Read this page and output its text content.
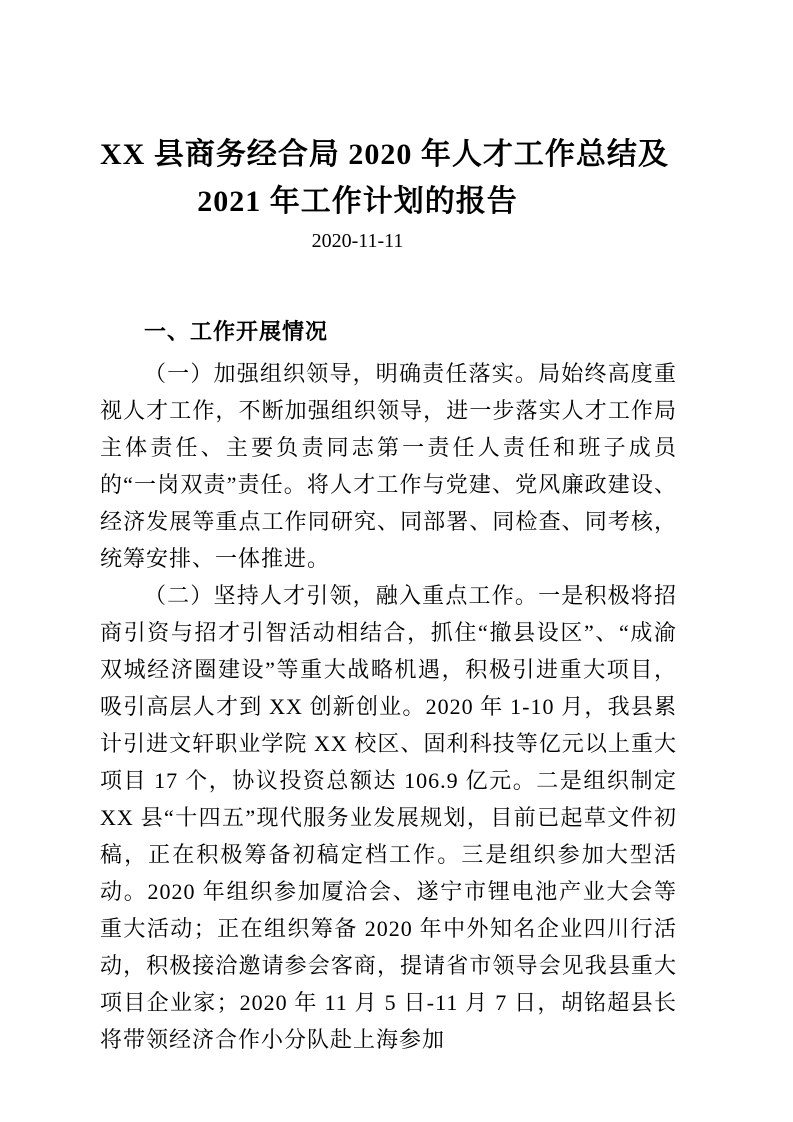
XX 县商务经合局 2020 年人才工作总结及
2021 年工作计划的报告
2020-11-11
一、工作开展情况

（一）加强组织领导，明确责任落实。局始终高度重视人才工作，不断加强组织领导，进一步落实人才工作局主体责任、主要负责同志第一责任人责任和班子成员的“一岗双责”责任。将人才工作与党建、党风廉政建设、经济发展等重点工作同研究、同部署、同检查、同考核，统筹安排、一体推进。

（二）坚持人才引领，融入重点工作。一是积极将招商引资与招才引智活动相结合，抓住“撤县设区”、“成渝双城经济圈建设”等重大战略机遇，积极引进重大项目，吸引高层人才到 XX 创新创业。2020 年 1-10 月，我县累计引进文轩职业学院 XX 校区、固利科技等亿元以上重大项目 17 个，协议投资总额达 106.9 亿元。二是组织制定 XX 县“十四五”现代服务业发展规划，目前已起草文件初稿，正在积极筹备初稿定档工作。三是组织参加大型活动。2020 年组织参加厦洽会、遂宁市锂电池产业大会等重大活动；正在组织筹备 2020 年中外知名企业四川行活动，积极接洽邀请参会客商，提请省市领导会见我县重大项目企业家；2020 年 11 月 5 日-11 月 7 日，胡铭超县长将带领经济合作小分队赴上海参加
